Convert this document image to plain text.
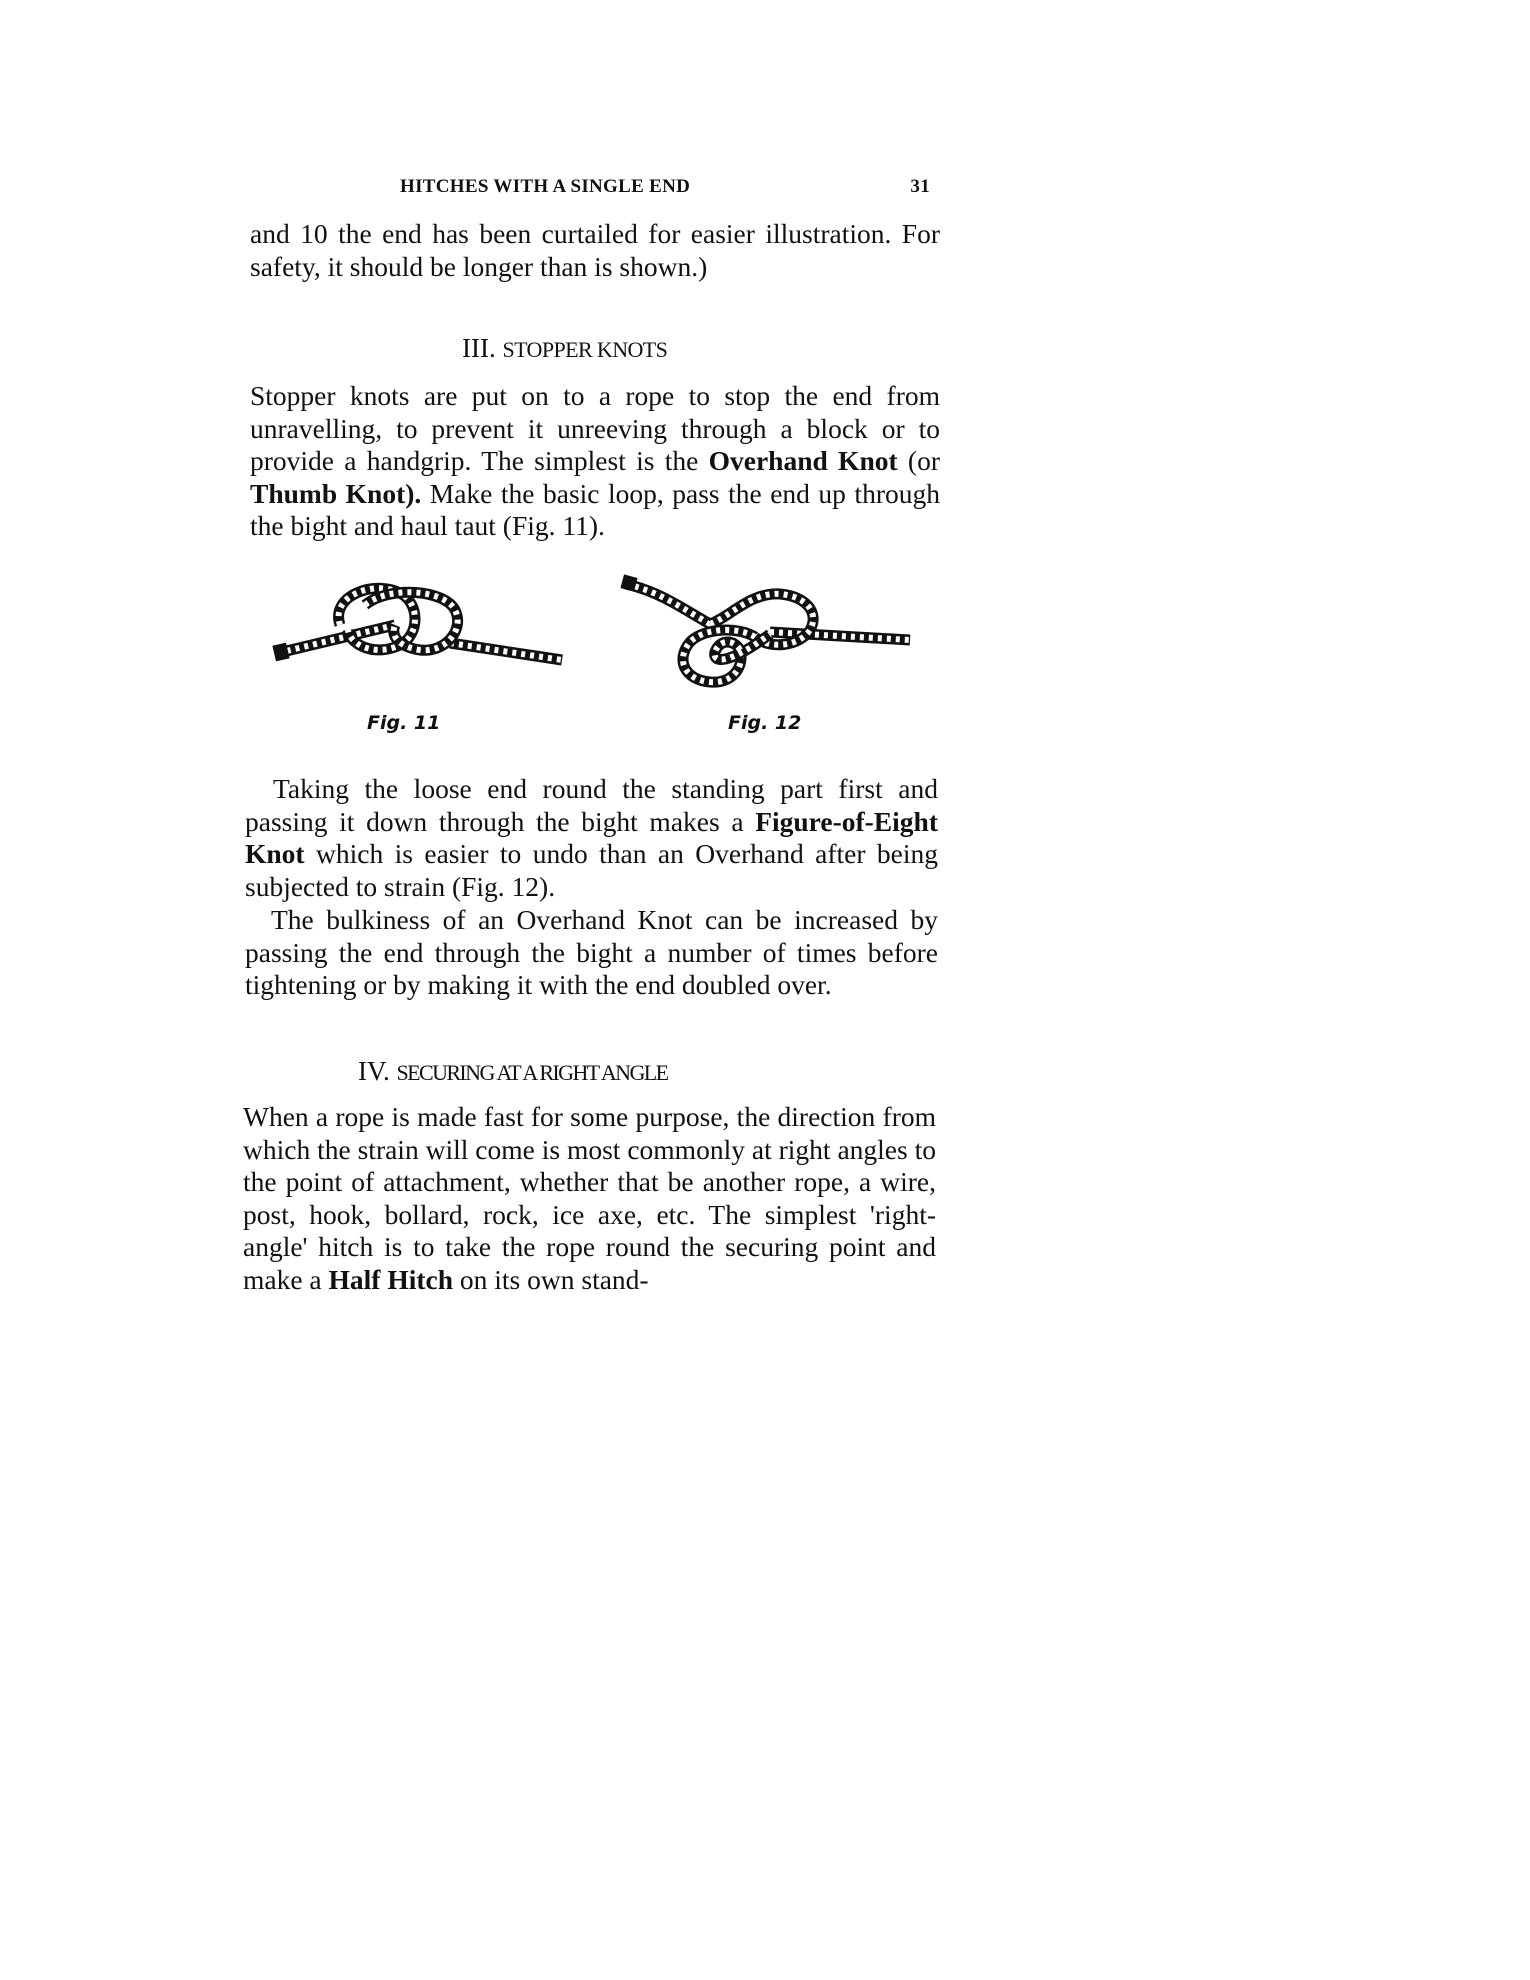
HITCHES WITH A SINGLE END	31

and 10 the end has been curtailed for easier illustration. For safety, it should be longer than is shown.)

III. STOPPER KNOTS

Stopper knots are put on to a rope to stop the end from unravelling, to prevent it unreeving through a block or to provide a handgrip. The simplest is the Overhand Knot (or Thumb Knot). Make the basic loop, pass the end up through the bight and haul taut (Fig. 11).

Fig. 11	Fig. 12

Taking the loose end round the standing part first and passing it down through the bight makes a Figure-of-Eight Knot which is easier to undo than an Overhand after being subjected to strain (Fig. 12).

The bulkiness of an Overhand Knot can be increased by passing the end through the bight a number of times before tightening or by making it with the end doubled over.

IV. SECURING AT A RIGHT ANGLE

When a rope is made fast for some purpose, the direction from which the strain will come is most commonly at right angles to the point of attachment, whether that be another rope, a wire, post, hook, bollard, rock, ice axe, etc. The simplest 'right-angle' hitch is to take the rope round the securing point and make a Half Hitch on its own stand-
